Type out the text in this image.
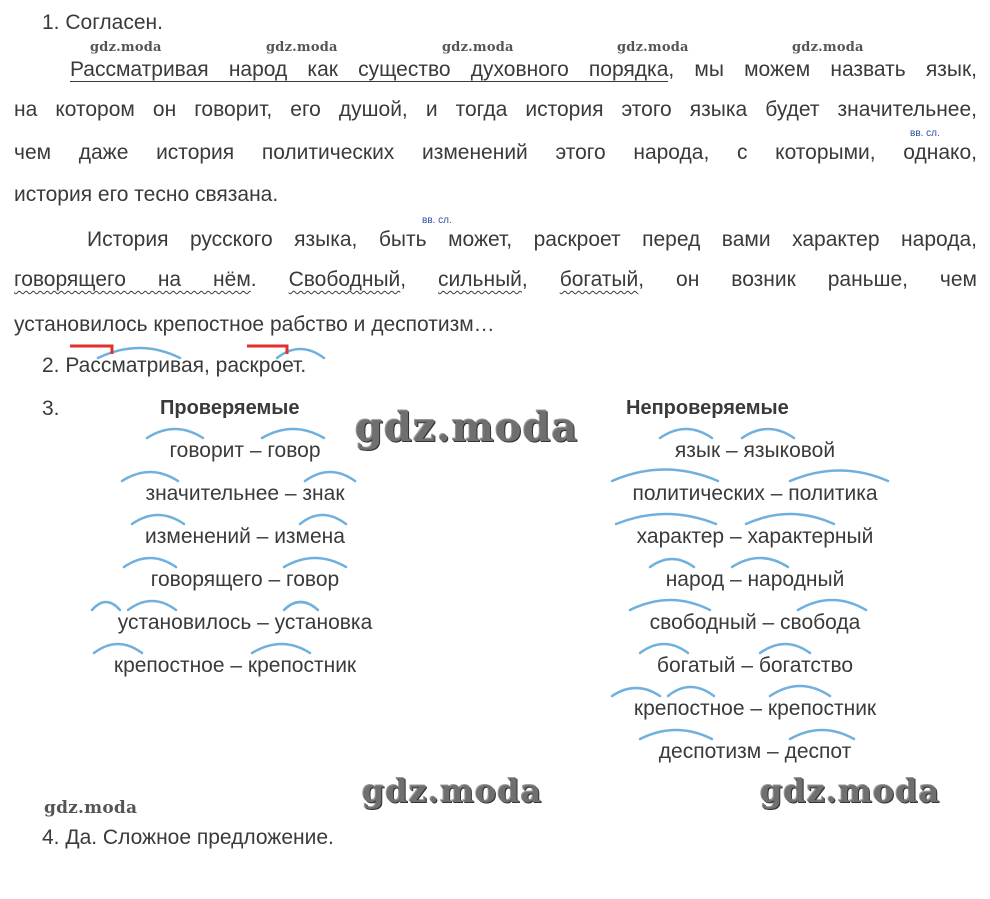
gdz.moda	gdz.moda	gdz.moda	gdz.moda	gdz.moda
gdz.moda
gdz.moda
gdz.moda	gdz.moda
1. Согласен.
Рассматривая народ как существо духовного порядка, мы можем назвать язык,
на котором он говорит, его душой, и тогда история этого языка будет значительнее,
вв. сл.
чем даже история политических изменений этого народа, с которыми, однако,
история его тесно связана.
вв. сл.
История русского языка, быть может, раскроет перед вами характер народа,
говорящего на нём. Свободный, сильный, богатый, он возник раньше, чем
установилось крепостное рабство и деспотизм…
2. Рассматривая, раскроет.
3.	Проверяемые	Непроверяемые
говорит – говор
значительнее – знак
изменений – измена
говорящего – говор
установилось – установка
крепостное – крепостник
язык – языковой
политических – политика
характер – характерный
народ – народный
свободный – свобода
богатый – богатство
крепостное – крепостник
деспотизм – деспот
4. Да. Сложное предложение.
